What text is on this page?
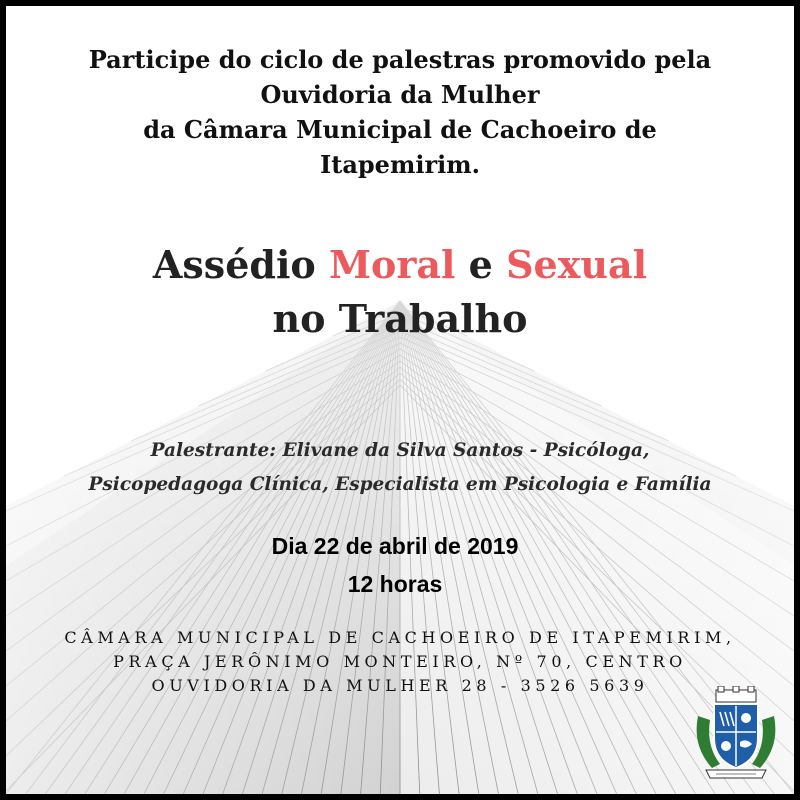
Participe do ciclo de palestras promovido pela
Ouvidoria da Mulher
da Câmara Municipal de Cachoeiro de
Itapemirim.
Assédio Moral e Sexual
no Trabalho
Palestrante: Elivane da Silva Santos - Psicóloga,
Psicopedagoga Clínica, Especialista em Psicologia e Família
Dia 22 de abril de 2019
12 horas
CÂMARA MUNICIPAL DE CACHOEIRO DE ITAPEMIRIM,
PRAÇA JERÔNIMO MONTEIRO, Nº 70, CENTRO
OUVIDORIA DA MULHER 28 - 3526 5639
